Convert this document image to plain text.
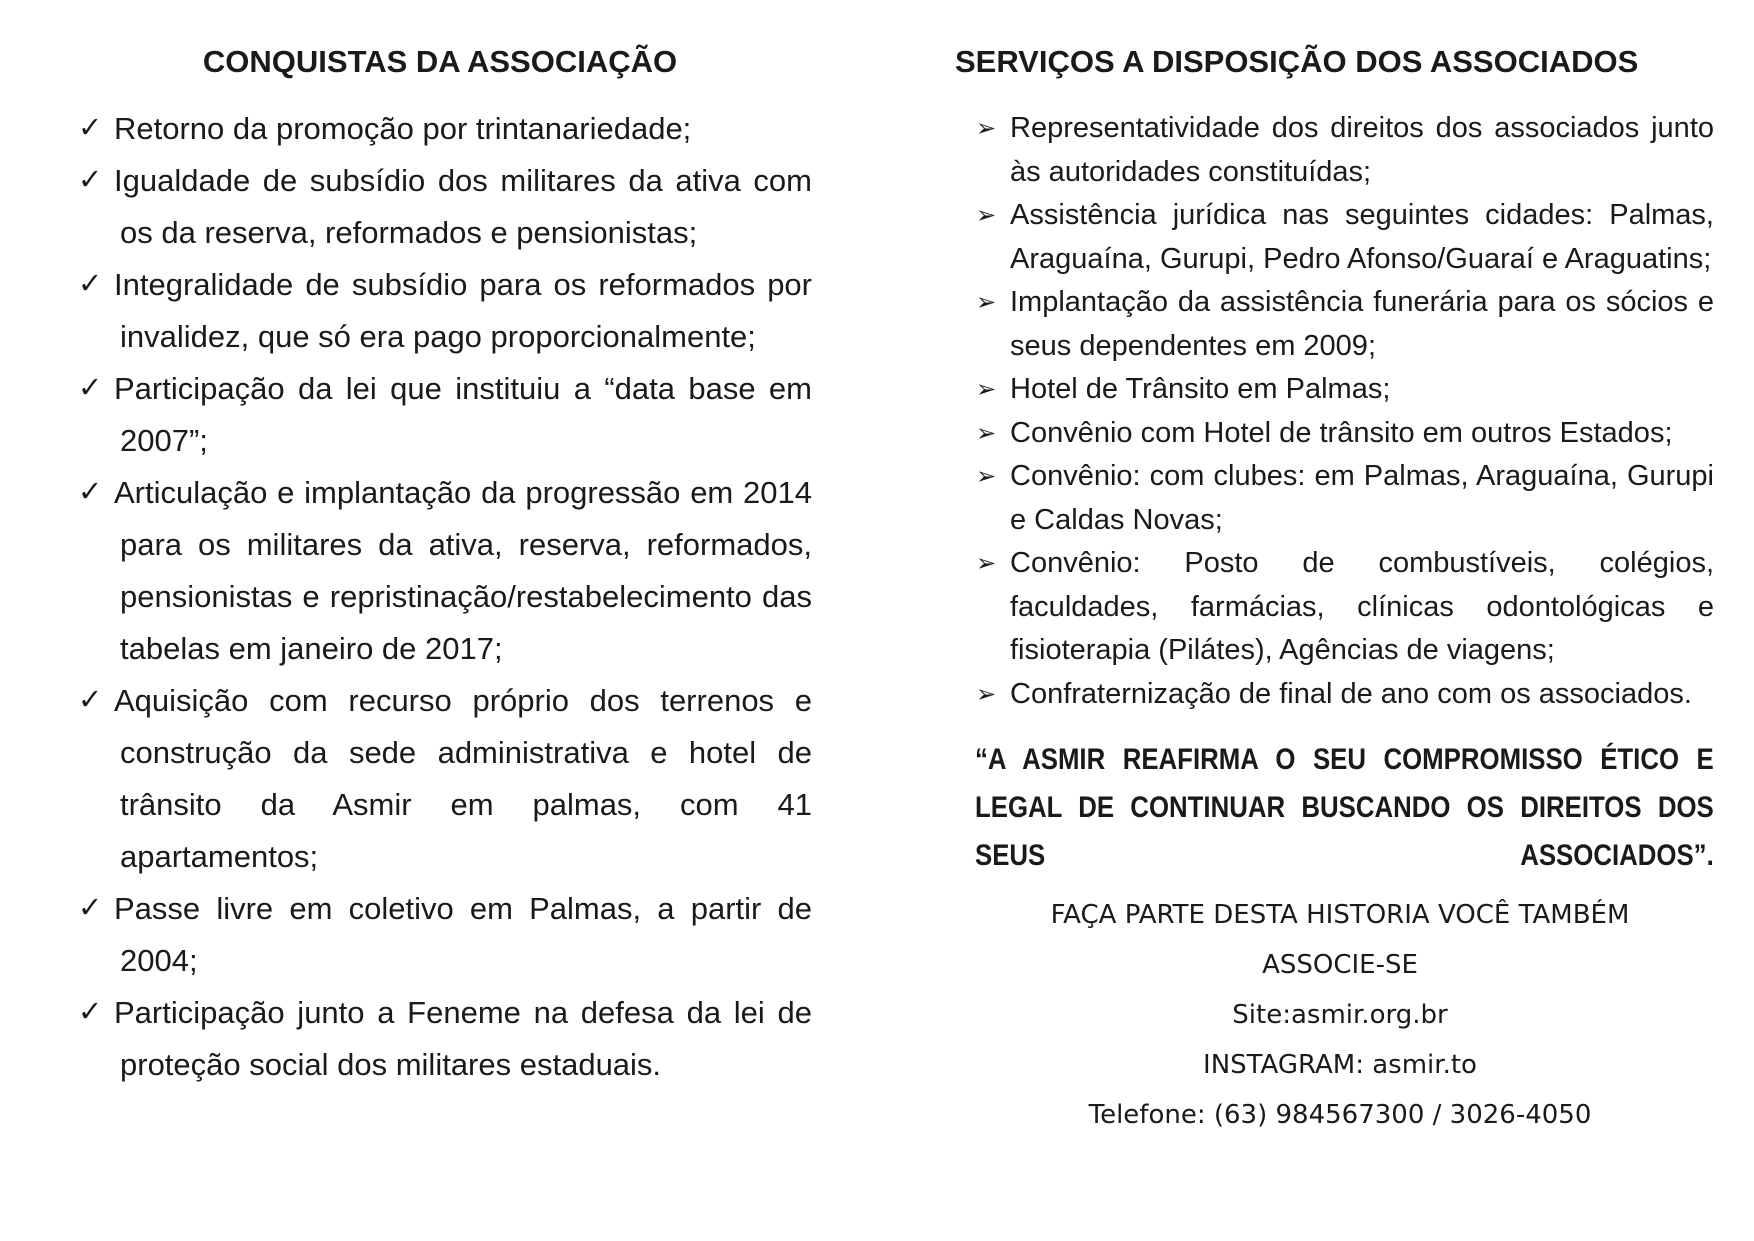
CONQUISTAS DA ASSOCIAÇÃO
✓ Retorno da promoção por trintanariedade;
✓ Igualdade de subsídio dos militares da ativa com os da reserva, reformados e pensionistas;
✓ Integralidade de subsídio para os reformados por invalidez, que só era pago proporcionalmente;
✓ Participação da lei que instituiu a “data base em 2007”;
✓ Articulação e implantação da progressão em 2014 para os militares da ativa, reserva, reformados, pensionistas e repristinação/restabelecimento das tabelas em janeiro de 2017;
✓ Aquisição com recurso próprio dos terrenos e construção da sede administrativa e hotel de trânsito da Asmir em palmas, com 41 apartamentos;
✓ Passe livre em coletivo em Palmas, a partir de 2004;
✓ Participação junto a Feneme na defesa da lei de proteção social dos militares estaduais.
SERVIÇOS A DISPOSIÇÃO DOS ASSOCIADOS
➢ Representatividade dos direitos dos associados junto às autoridades constituídas;
➢ Assistência jurídica nas seguintes cidades: Palmas, Araguaína, Gurupi, Pedro Afonso/Guaraí e Araguatins;
➢ Implantação da assistência funerária para os sócios e seus dependentes em 2009;
➢ Hotel de Trânsito em Palmas;
➢ Convênio com Hotel de trânsito em outros Estados;
➢ Convênio: com clubes: em Palmas, Araguaína, Gurupi e Caldas Novas;
➢ Convênio: Posto de combustíveis, colégios, faculdades, farmácias, clínicas odontológicas e fisioterapia (Pilátes), Agências de viagens;
➢ Confraternização de final de ano com os associados.
“A ASMIR REAFIRMA O SEU COMPROMISSO ÉTICO E LEGAL DE CONTINUAR BUSCANDO OS DIREITOS DOS SEUS ASSOCIADOS”.
FAÇA PARTE DESTA HISTORIA VOCÊ TAMBÉM
ASSOCIE-SE
Site:asmir.org.br
INSTAGRAM: asmir.to
Telefone: (63) 984567300 / 3026-4050
